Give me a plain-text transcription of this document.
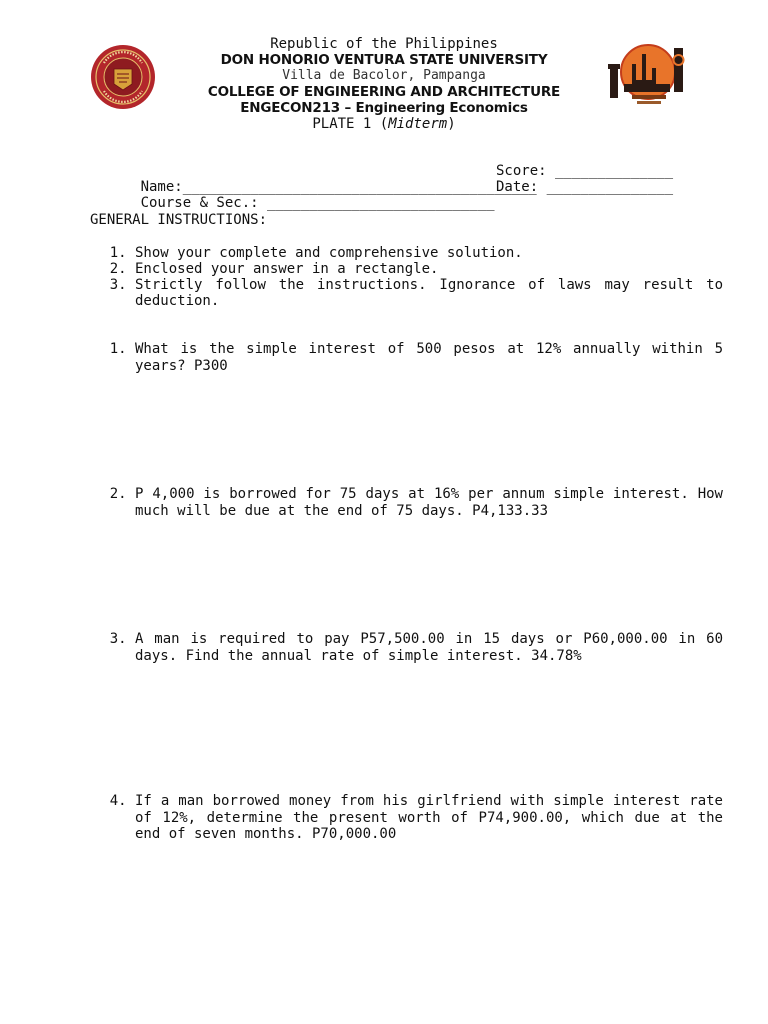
Republic of the Philippines
DON HONORIO VENTURA STATE UNIVERSITY
Villa de Bacolor, Pampanga
COLLEGE OF ENGINEERING AND ARCHITECTURE
ENGECON213 – Engineering Economics
PLATE 1 (Midterm)

Name:__________________________________________

Score: ______________

Course & Sec.: ___________________________

Date: _______________

GENERAL INSTRUCTIONS:
1. Show your complete and comprehensive solution.
2. Enclosed your answer in a rectangle.
3. Strictly follow the instructions. Ignorance of laws may result to deduction.
1. What is the simple interest of 500 pesos at 12% annually within 5 years? P300
2. P 4,000 is borrowed for 75 days at 16% per annum simple interest. How much will be due at the end of 75 days. P4,133.33
3. A man is required to pay P57,500.00 in 15 days or P60,000.00 in 60 days. Find the annual rate of simple interest. 34.78%
4. If a man borrowed money from his girlfriend with simple interest rate of 12%, determine the present worth of P74,900.00, which due at the end of seven months. P70,000.00
